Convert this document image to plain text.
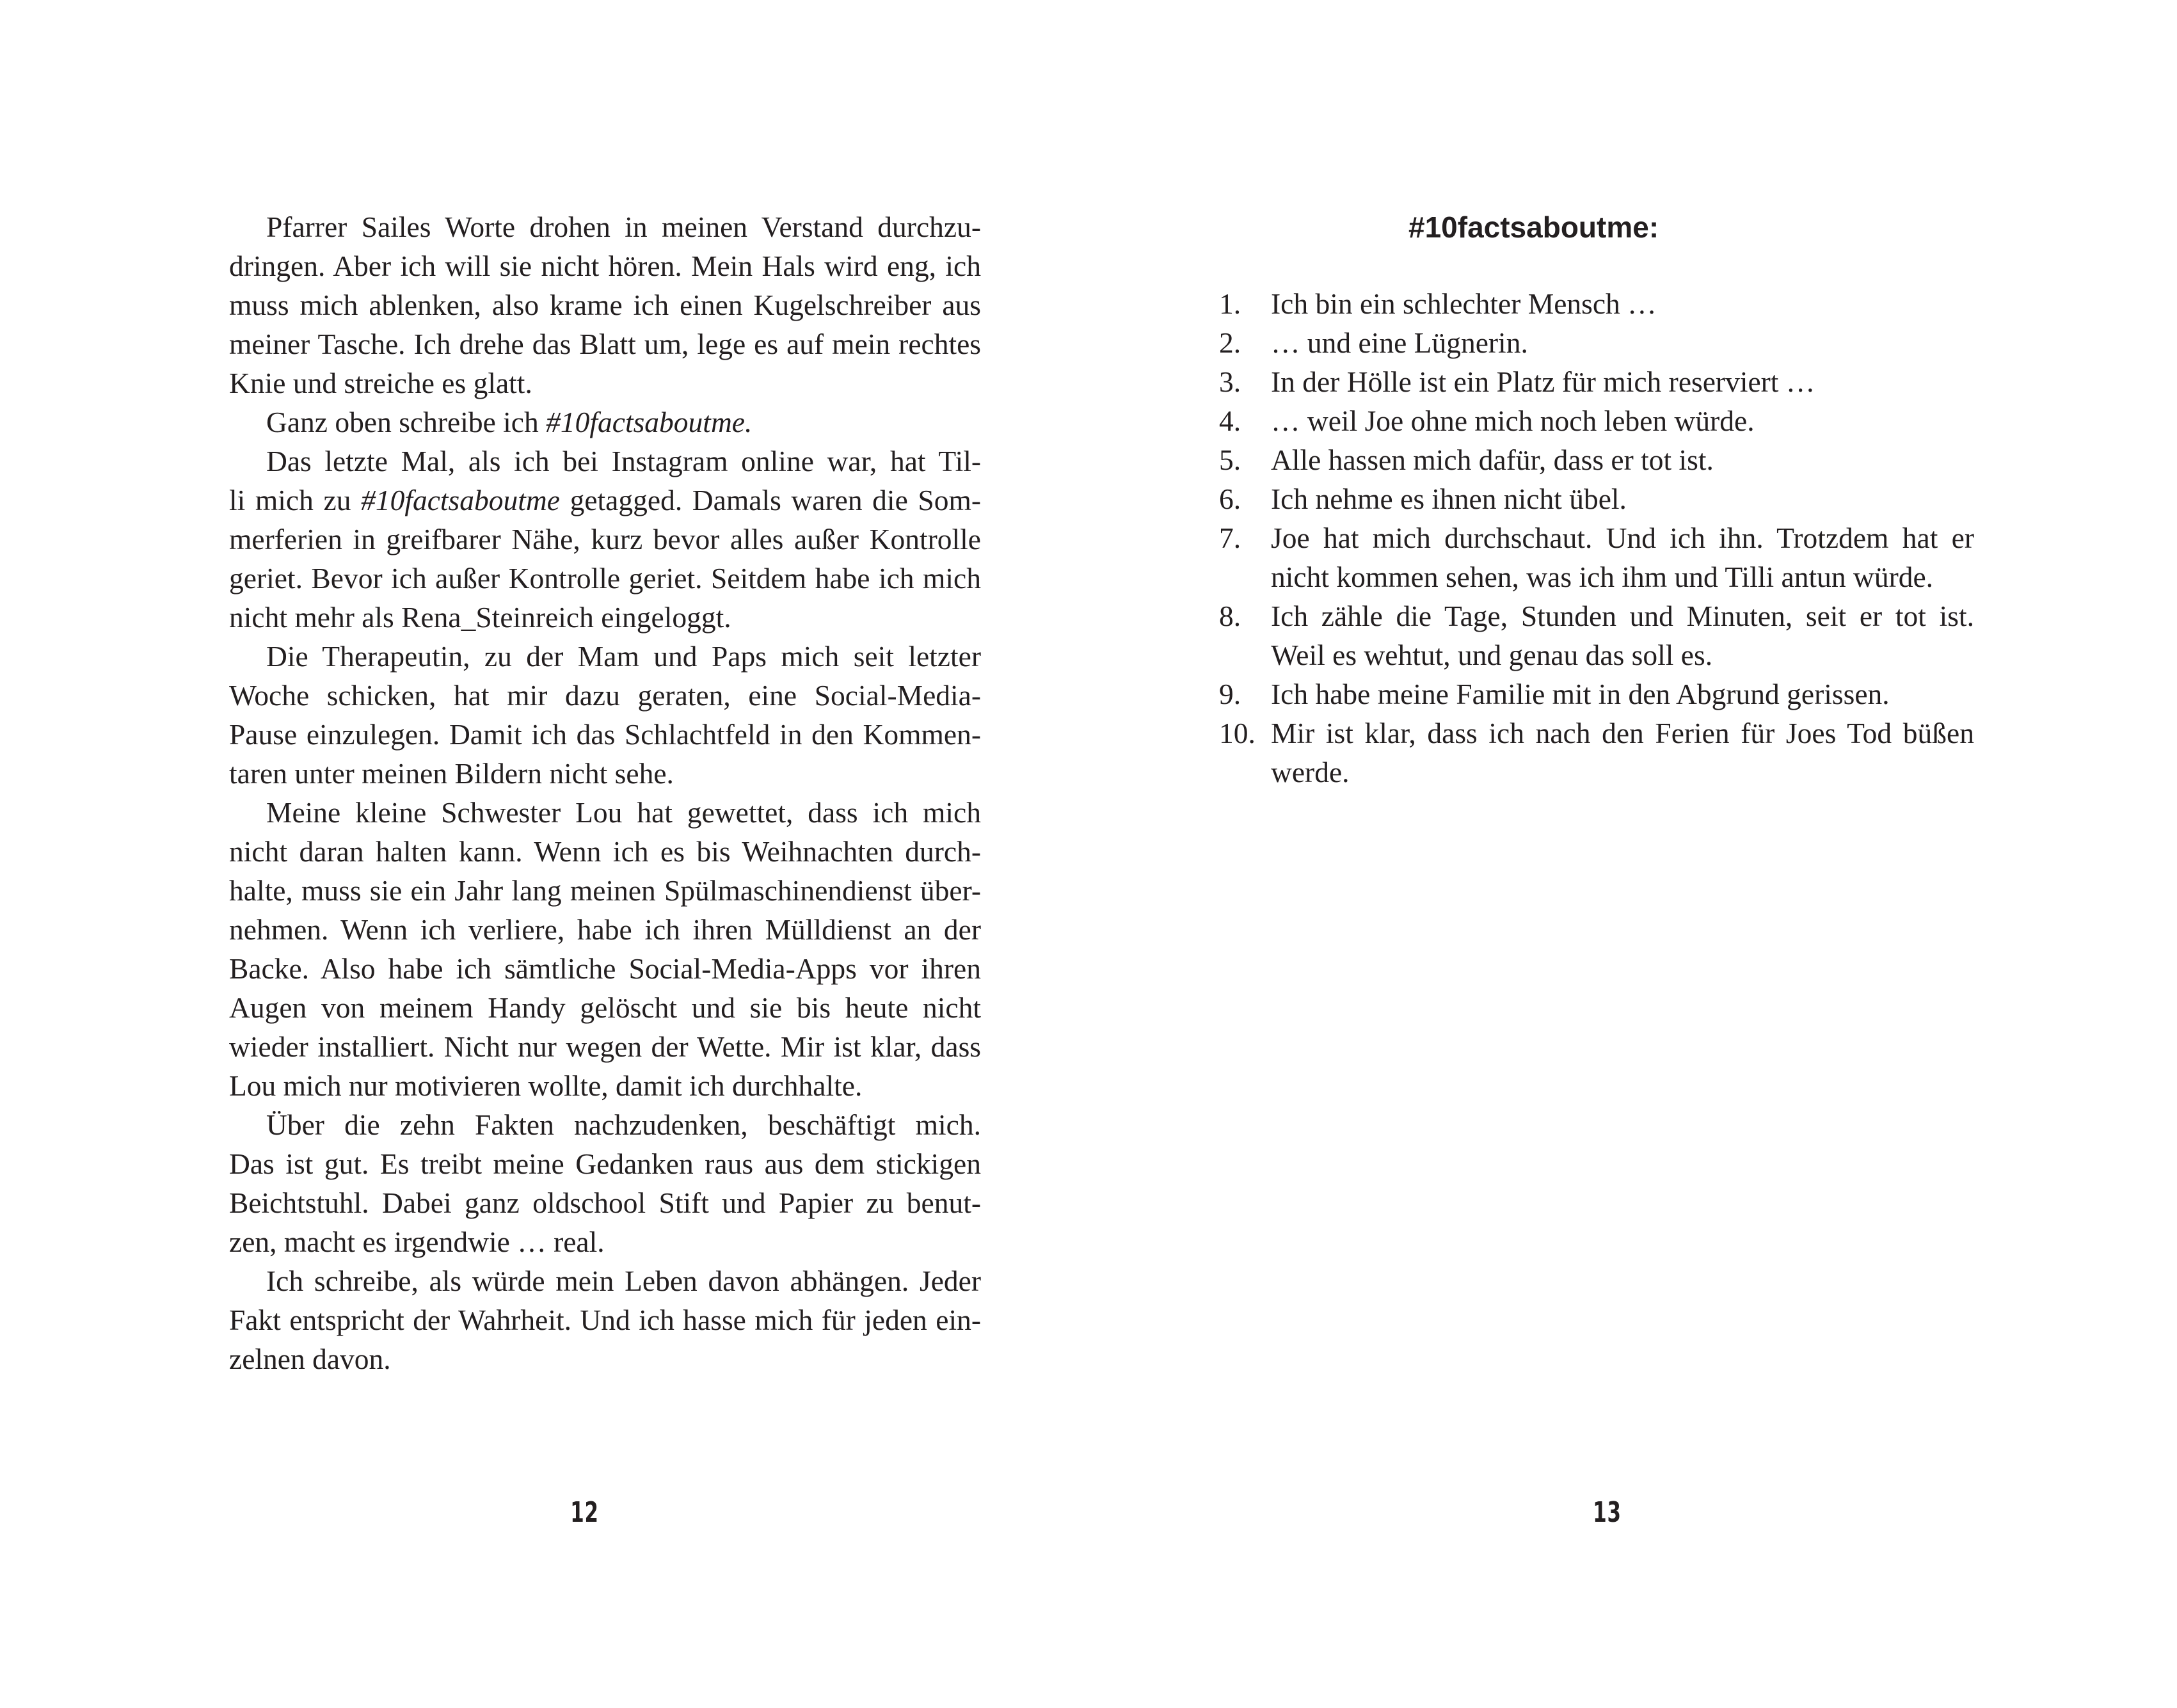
Pfarrer Sailes Worte drohen in meinen Verstand durchzu-
dringen. Aber ich will sie nicht hören. Mein Hals wird eng, ich
muss mich ablenken, also krame ich einen Kugelschreiber aus
meiner Tasche. Ich drehe das Blatt um, lege es auf mein rechtes
Knie und streiche es glatt.
Ganz oben schreibe ich #10factsaboutme.
Das letzte Mal, als ich bei Instagram online war, hat Til-
li mich zu #10factsaboutme getagged. Damals waren die Som-
merferien in greifbarer Nähe, kurz bevor alles außer Kontrolle
geriet. Bevor ich außer Kontrolle geriet. Seitdem habe ich mich
nicht mehr als Rena_Steinreich eingeloggt.
Die Therapeutin, zu der Mam und Paps mich seit letzter
Woche schicken, hat mir dazu geraten, eine Social-Media-
Pause einzulegen. Damit ich das Schlachtfeld in den Kommen-
taren unter meinen Bildern nicht sehe.
Meine kleine Schwester Lou hat gewettet, dass ich mich
nicht daran halten kann. Wenn ich es bis Weihnachten durch-
halte, muss sie ein Jahr lang meinen Spülmaschinendienst über-
nehmen. Wenn ich verliere, habe ich ihren Mülldienst an der
Backe. Also habe ich sämtliche Social-Media-Apps vor ihren
Augen von meinem Handy gelöscht und sie bis heute nicht
wieder installiert. Nicht nur wegen der Wette. Mir ist klar, dass
Lou mich nur motivieren wollte, damit ich durchhalte.
Über die zehn Fakten nachzudenken, beschäftigt mich.
Das ist gut. Es treibt meine Gedanken raus aus dem stickigen
Beichtstuhl. Dabei ganz oldschool Stift und Papier zu benut-
zen, macht es irgendwie … real.
Ich schreibe, als würde mein Leben davon abhängen. Jeder
Fakt entspricht der Wahrheit. Und ich hasse mich für jeden ein-
zelnen davon.
12
#10factsaboutme:
1.	Ich bin ein schlechter Mensch …
2.	… und eine Lügnerin.
3.	In der Hölle ist ein Platz für mich reserviert …
4.	… weil Joe ohne mich noch leben würde.
5.	Alle hassen mich dafür, dass er tot ist.
6.	Ich nehme es ihnen nicht übel.
7.	Joe hat mich durchschaut. Und ich ihn. Trotzdem hat er
nicht kommen sehen, was ich ihm und Tilli antun würde.
8.	Ich zähle die Tage, Stunden und Minuten, seit er tot ist.
Weil es wehtut, und genau das soll es.
9.	Ich habe meine Familie mit in den Abgrund gerissen.
10. Mir ist klar, dass ich nach den Ferien für Joes Tod büßen
werde.
13
